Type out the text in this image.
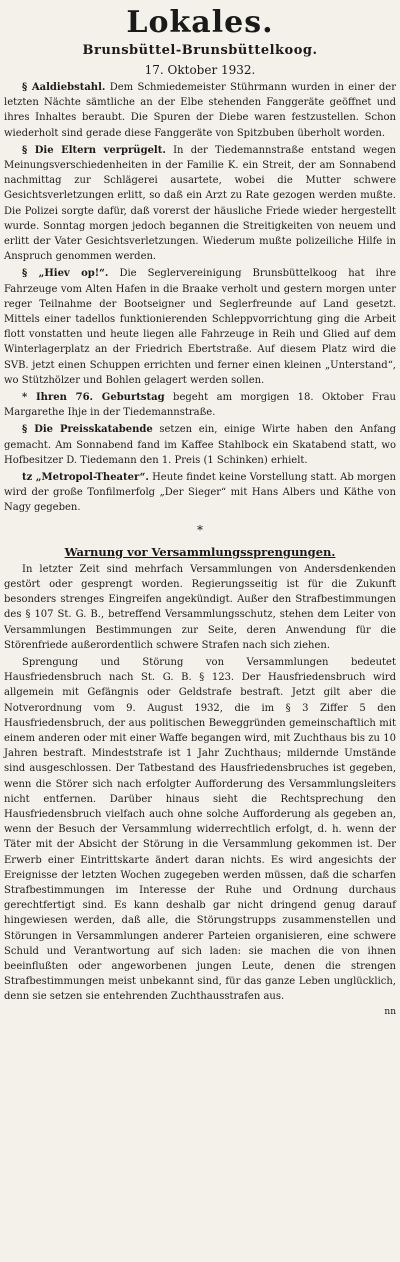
Lokales.
Brunsbüttel-Brunsbüttelkoog.
17. Oktober 1932.

§ Aaldiebstahl. Dem Schmiedemeister Stührmann wurden in einer der letzten Nächte sämtliche an der Elbe stehenden Fanggeräte geöffnet und ihres Inhaltes beraubt. Die Spuren der Diebe waren festzustellen. Schon wiederholt sind gerade diese Fanggeräte von Spitzbuben überholt worden.

§ Die Eltern verprügelt. In der Tiedemannstraße entstand wegen Meinungsverschiedenheiten in der Familie K. ein Streit, der am Sonnabend nachmittag zur Schlägerei ausartete, wobei die Mutter schwere Gesichtsverletzungen erlitt, so daß ein Arzt zu Rate gezogen werden mußte. Die Polizei sorgte dafür, daß vorerst der häusliche Friede wieder hergestellt wurde. Sonntag morgen jedoch begannen die Streitigkeiten von neuem und erlitt der Vater Gesichtsverletzungen. Wiederum mußte polizeiliche Hilfe in Anspruch genommen werden.

§ „Hiev op!“. Die Seglervereinigung Brunsbüttelkoog hat ihre Fahrzeuge vom Alten Hafen in die Braake verholt und gestern morgen unter reger Teilnahme der Bootseigner und Seglerfreunde auf Land gesetzt. Mittels einer tadellos funktionierenden Schleppvorrichtung ging die Arbeit flott vonstatten und heute liegen alle Fahrzeuge in Reih und Glied auf dem Winterlagerplatz an der Friedrich Ebertstraße. Auf diesem Platz wird die SVB. jetzt einen Schuppen errichten und ferner einen kleinen „Unterstand“, wo Stützhölzer und Bohlen gelagert werden sollen.

* Ihren 76. Geburtstag begeht am morgigen 18. Oktober Frau Margarethe Ihje in der Tiedemannstraße.

§ Die Preisskatabende setzen ein, einige Wirte haben den Anfang gemacht. Am Sonnabend fand im Kaffee Stahlbock ein Skatabend statt, wo Hofbesitzer D. Tiedemann den 1. Preis (1 Schinken) erhielt.

tz „Metropol-Theater“. Heute findet keine Vorstellung statt. Ab morgen wird der große Tonfilmerfolg „Der Sieger“ mit Hans Albers und Käthe von Nagy gegeben.

*
Warnung vor Versammlungssprengungen.

In letzter Zeit sind mehrfach Versammlungen von Andersdenkenden gestört oder gesprengt worden. Regierungsseitig ist für die Zukunft besonders strenges Eingreifen angekündigt. Außer den Strafbestimmungen des § 107 St. G. B., betreffend Versammlungsschutz, stehen dem Leiter von Versammlungen Bestimmungen zur Seite, deren Anwendung für die Störenfriede außerordentlich schwere Strafen nach sich ziehen.

Sprengung und Störung von Versammlungen bedeutet Hausfriedensbruch nach St. G. B. § 123. Der Hausfriedensbruch wird allgemein mit Gefängnis oder Geldstrafe bestraft. Jetzt gilt aber die Notverordnung vom 9. August 1932, die im § 3 Ziffer 5 den Hausfriedensbruch, der aus politischen Beweggründen gemeinschaftlich mit einem anderen oder mit einer Waffe begangen wird, mit Zuchthaus bis zu 10 Jahren bestraft. Mindeststrafe ist 1 Jahr Zuchthaus; mildernde Umstände sind ausgeschlossen. Der Tatbestand des Hausfriedensbruches ist gegeben, wenn die Störer sich nach erfolgter Aufforderung des Versammlungsleiters nicht entfernen. Darüber hinaus sieht die Rechtsprechung den Hausfriedensbruch vielfach auch ohne solche Aufforderung als gegeben an, wenn der Besuch der Versammlung widerrechtlich erfolgt, d. h. wenn der Täter mit der Absicht der Störung in die Versammlung gekommen ist. Der Erwerb einer Eintrittskarte ändert daran nichts. Es wird angesichts der Ereignisse der letzten Wochen zugegeben werden müssen, daß die scharfen Strafbestimmungen im Interesse der Ruhe und Ordnung durchaus gerechtfertigt sind. Es kann deshalb gar nicht dringend genug darauf hingewiesen werden, daß alle, die Störungstrupps zusammenstellen und Störungen in Versammlungen anderer Parteien organisieren, eine schwere Schuld und Verantwortung auf sich laden: sie machen die von ihnen beeinflußten oder angeworbenen jungen Leute, denen die strengen Strafbestimmungen meist unbekannt sind, für das ganze Leben unglücklich, denn sie setzen sie entehrenden Zuchthausstrafen aus.
nn
